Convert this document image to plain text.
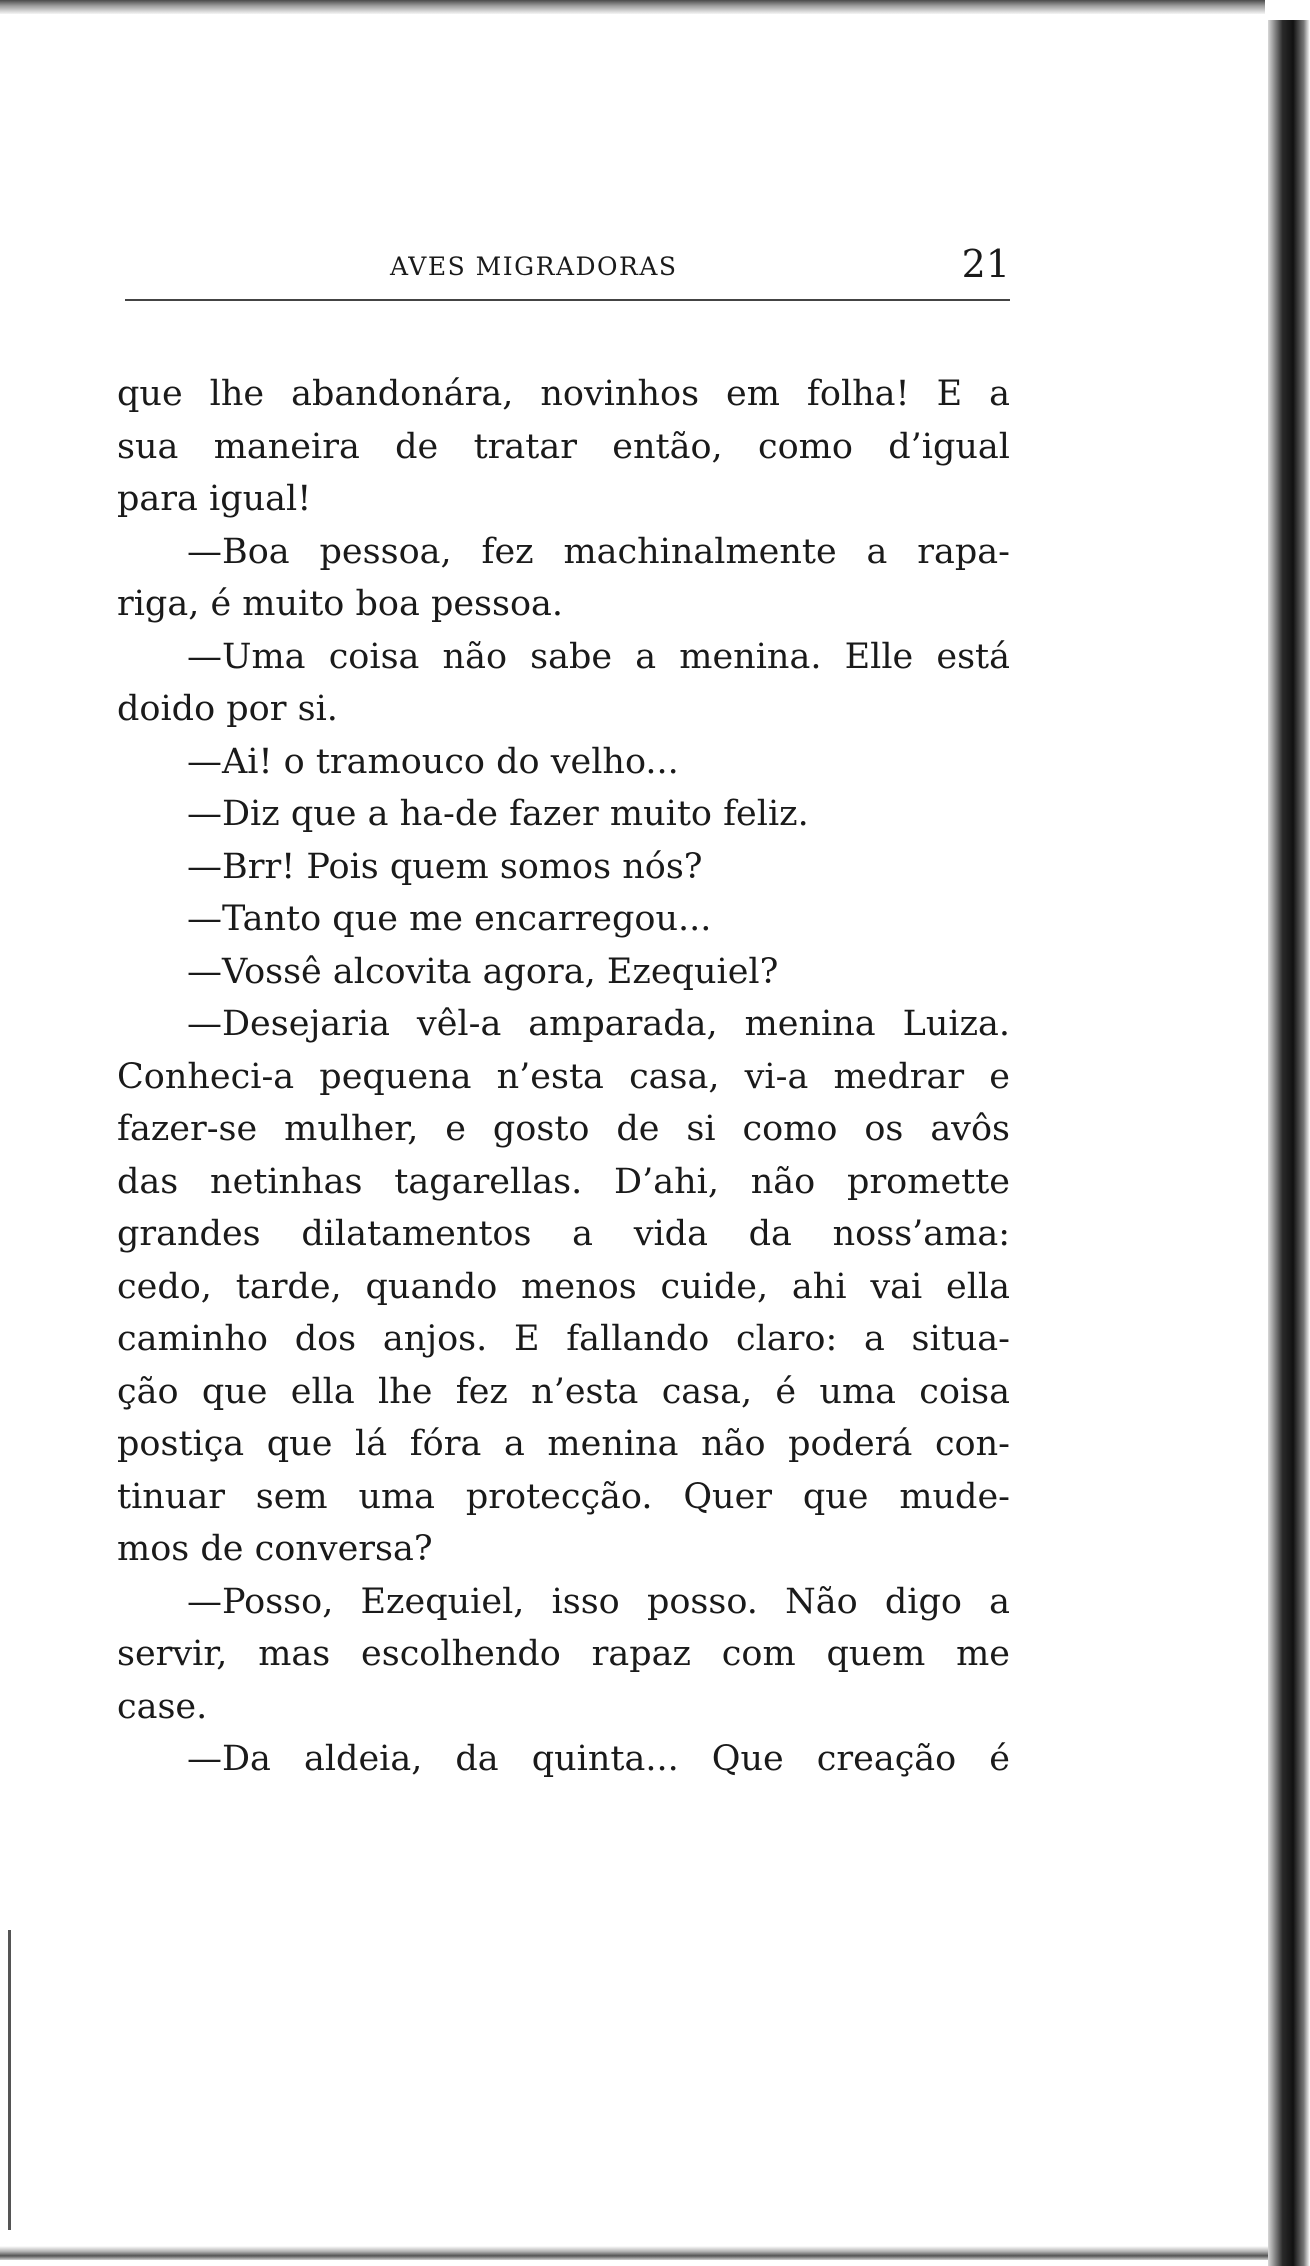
AVES MIGRADORAS	21
que lhe abandonára, novinhos em folha! E a
sua maneira de tratar então, como d’igual
para igual!
—Boa pessoa, fez machinalmente a rapa-
riga, é muito boa pessoa.
—Uma coisa não sabe a menina. Elle está
doido por si.
—Ai! o tramouco do velho...
—Diz que a ha-de fazer muito feliz.
—Brr! Pois quem somos nós?
—Tanto que me encarregou...
—Vossê alcovita agora, Ezequiel?
—Desejaria vêl-a amparada, menina Luiza.
Conheci-a pequena n’esta casa, vi-a medrar e
fazer-se mulher, e gosto de si como os avôs
das netinhas tagarellas. D’ahi, não promette
grandes dilatamentos a vida da noss’ama:
cedo, tarde, quando menos cuide, ahi vai ella
caminho dos anjos. E fallando claro: a situa-
ção que ella lhe fez n’esta casa, é uma coisa
postiça que lá fóra a menina não poderá con-
tinuar sem uma protecção. Quer que mude-
mos de conversa?
—Posso, Ezequiel, isso posso. Não digo a
servir, mas escolhendo rapaz com quem me
case.
—Da aldeia, da quinta... Que creação é
